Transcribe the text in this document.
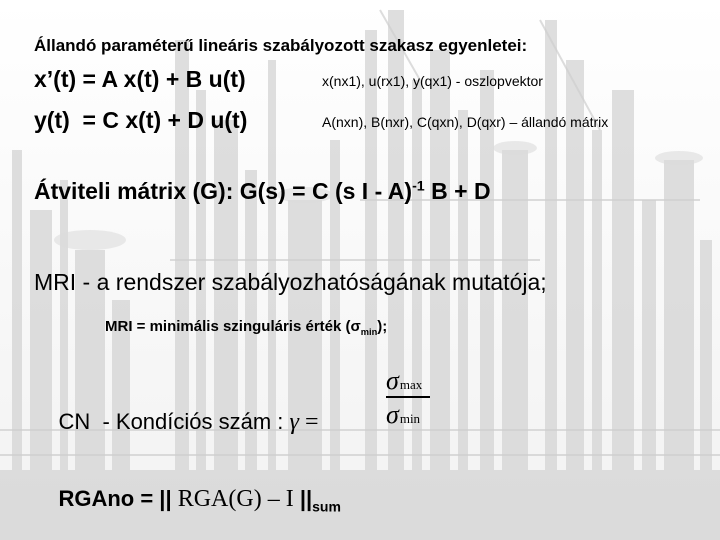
Állandó paraméterű lineáris szabályozott szakasz egyenletei:
x’(t) = A x(t) + B u(t)	x(nx1), u(rx1), y(qx1) - oszlopvektor
y(t)  = C x(t) + D u(t)	A(nxn), B(nxr), C(qxn), D(qxr) – állandó mátrix
Átviteli mátrix (G): G(s) = C (s I - A)$^{-1}$ B + D
MRI - a rendszer szabályozhatóságának mutatója;
MRI = minimális szinguláris érték $(\sigma_{min})$;

CN  - Kondíciós szám : γ =

σmax
σmin

RGAno = || RGA(G) – I $||_{sum}$
